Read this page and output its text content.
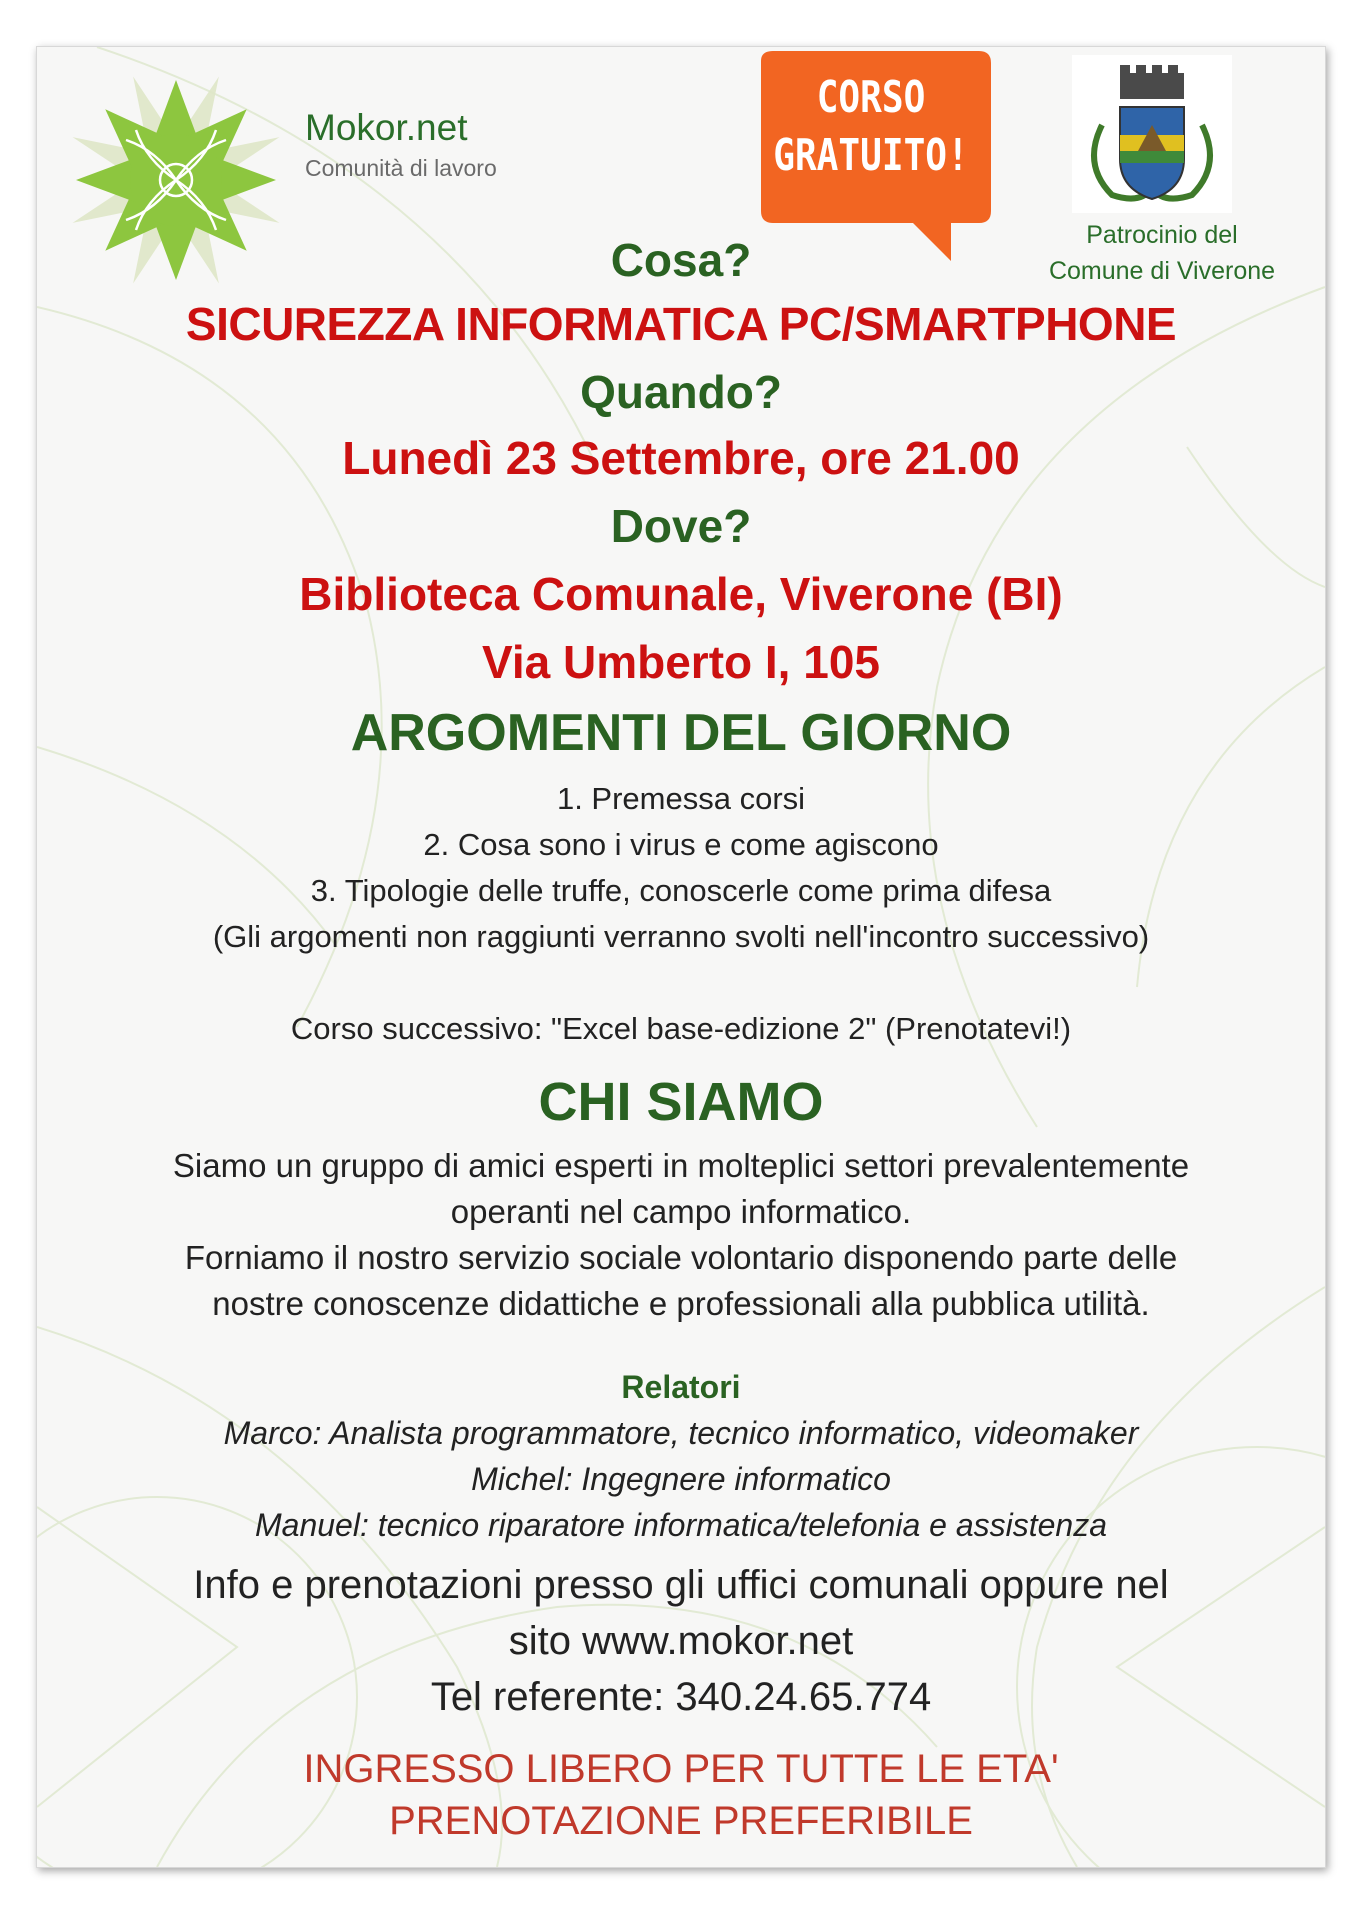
Mokor.net
Comunità di lavoro
CORSO
GRATUITO!
Patrocinio del
Comune di Viverone
Cosa?
SICUREZZA INFORMATICA PC/SMARTPHONE
Quando?
Lunedì 23 Settembre, ore 21.00
Dove?
Biblioteca Comunale, Viverone (BI)
Via Umberto I, 105
ARGOMENTI DEL GIORNO
1. Premessa corsi
2. Cosa sono i virus e come agiscono
3. Tipologie delle truffe, conoscerle come prima difesa
(Gli argomenti non raggiunti verranno svolti nell'incontro successivo)
Corso successivo: "Excel base-edizione 2" (Prenotatevi!)
CHI SIAMO
Siamo un gruppo di amici esperti in molteplici settori prevalentemente
operanti nel campo informatico.
Forniamo il nostro servizio sociale volontario disponendo parte delle
nostre conoscenze didattiche e professionali alla pubblica utilità.
Relatori
Marco: Analista programmatore, tecnico informatico, videomaker
Michel: Ingegnere informatico
Manuel: tecnico riparatore informatica/telefonia e assistenza
Info e prenotazioni presso gli uffici comunali oppure nel
sito www.mokor.net
Tel referente: 340.24.65.774
INGRESSO LIBERO PER TUTTE LE ETA'
PRENOTAZIONE PREFERIBILE
